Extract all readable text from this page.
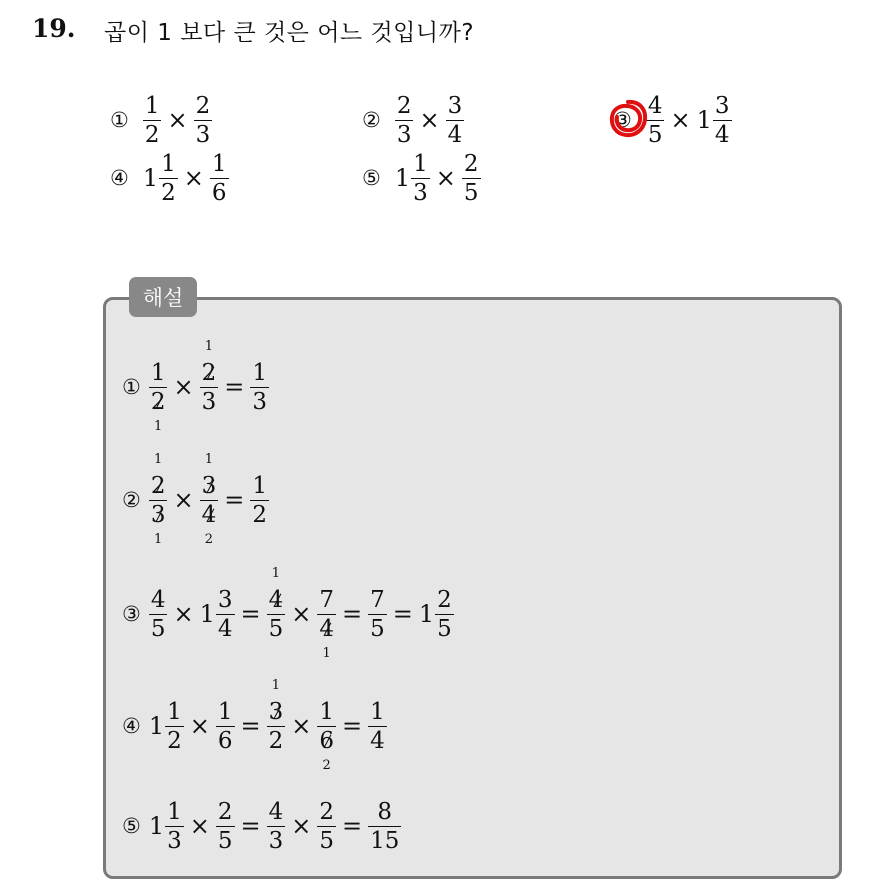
19. 곱이 1 보다 큰 것은 어느 것입니까?
① $\frac{1}{2} \times \frac{2}{3}$	② $\frac{2}{3} \times \frac{3}{4}$	③ $\frac{4}{5} \times 1 \frac{3}{4}$
④ $1 \frac{1}{2} \times \frac{1}{6}$	⑤ $1 \frac{1}{3} \times \frac{2}{5}$
해설
① 1
2
1 × 2
1
$3 = \frac{1}{3}$
② 2
1
3
1 × 3
1
4
$2 = \frac{1}{2}$
③ $\frac{4}{5} \times 1 \frac{3}{4} = 4$
1
5 × 7
4
$1 = \frac{7}{5} = 1 \frac{2}{5}$
④ $1 \frac{1}{2} \times \frac{1}{6} = 3$
1
2 × 1
6
$2 = \frac{1}{4}$
⑤ $1 \frac{1}{3} \times \frac{2}{5} = \frac{4}{3} \times \frac{2}{5} = \frac{8}{15}$
